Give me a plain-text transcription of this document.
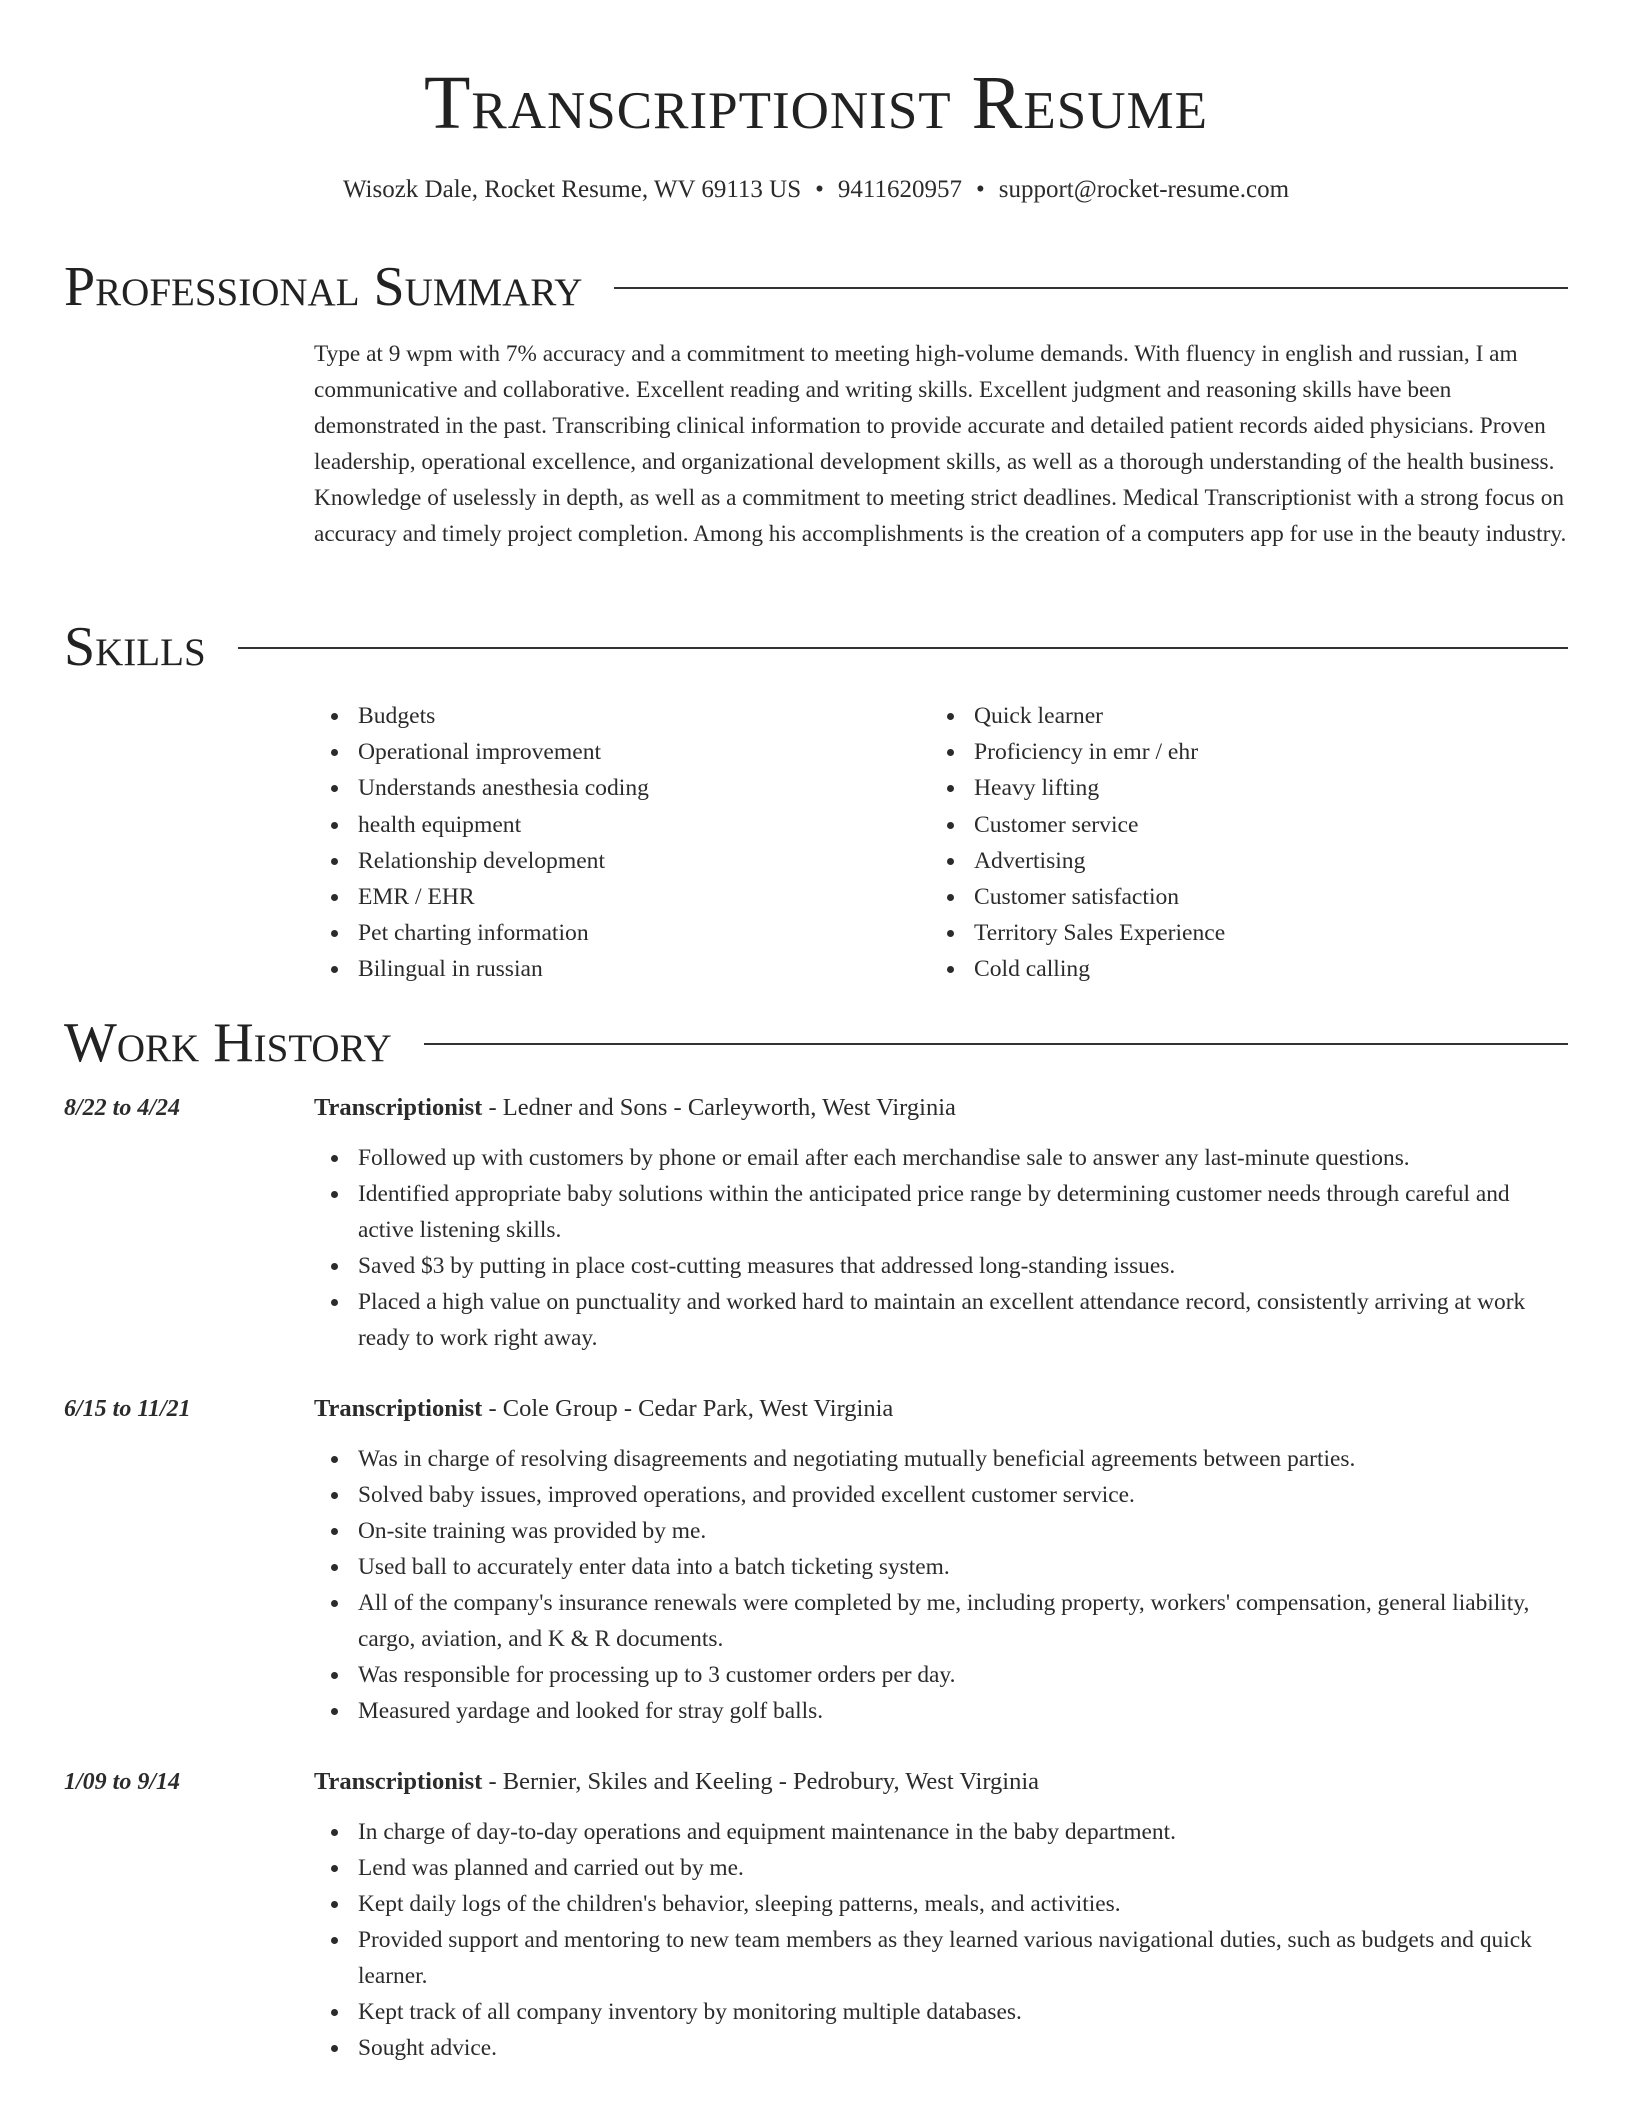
Transcriptionist Resume
Wisozk Dale, Rocket Resume, WV 69113 US • 9411620957 • support@rocket-resume.com
Professional Summary

Type at 9 wpm with 7% accuracy and a commitment to meeting high-volume demands. With fluency in english and russian, I am communicative and collaborative. Excellent reading and writing skills. Excellent judgment and reasoning skills have been demonstrated in the past. Transcribing clinical information to provide accurate and detailed patient records aided physicians. Proven leadership, operational excellence, and organizational development skills, as well as a thorough understanding of the health business. Knowledge of uselessly in depth, as well as a commitment to meeting strict deadlines. Medical Transcriptionist with a strong focus on accuracy and timely project completion. Among his accomplishments is the creation of a computers app for use in the beauty industry.

Skills
Budgets
Operational improvement
Understands anesthesia coding
health equipment
Relationship development
EMR / EHR
Pet charting information
Bilingual in russian
Quick learner
Proficiency in emr / ehr
Heavy lifting
Customer service
Advertising
Customer satisfaction
Territory Sales Experience
Cold calling
Work History
8/22 to 4/24	Transcriptionist - Ledner and Sons - Carleyworth, West Virginia
Followed up with customers by phone or email after each merchandise sale to answer any last-minute questions.
Identified appropriate baby solutions within the anticipated price range by determining customer needs through careful and active listening skills.
Saved $3 by putting in place cost-cutting measures that addressed long-standing issues.
Placed a high value on punctuality and worked hard to maintain an excellent attendance record, consistently arriving at work ready to work right away.
6/15 to 11/21	Transcriptionist - Cole Group - Cedar Park, West Virginia
Was in charge of resolving disagreements and negotiating mutually beneficial agreements between parties.
Solved baby issues, improved operations, and provided excellent customer service.
On-site training was provided by me.
Used ball to accurately enter data into a batch ticketing system.
All of the company's insurance renewals were completed by me, including property, workers' compensation, general liability, cargo, aviation, and K & R documents.
Was responsible for processing up to 3 customer orders per day.
Measured yardage and looked for stray golf balls.
1/09 to 9/14	Transcriptionist - Bernier, Skiles and Keeling - Pedrobury, West Virginia
In charge of day-to-day operations and equipment maintenance in the baby department.
Lend was planned and carried out by me.
Kept daily logs of the children's behavior, sleeping patterns, meals, and activities.
Provided support and mentoring to new team members as they learned various navigational duties, such as budgets and quick learner.
Kept track of all company inventory by monitoring multiple databases.
Sought advice.
